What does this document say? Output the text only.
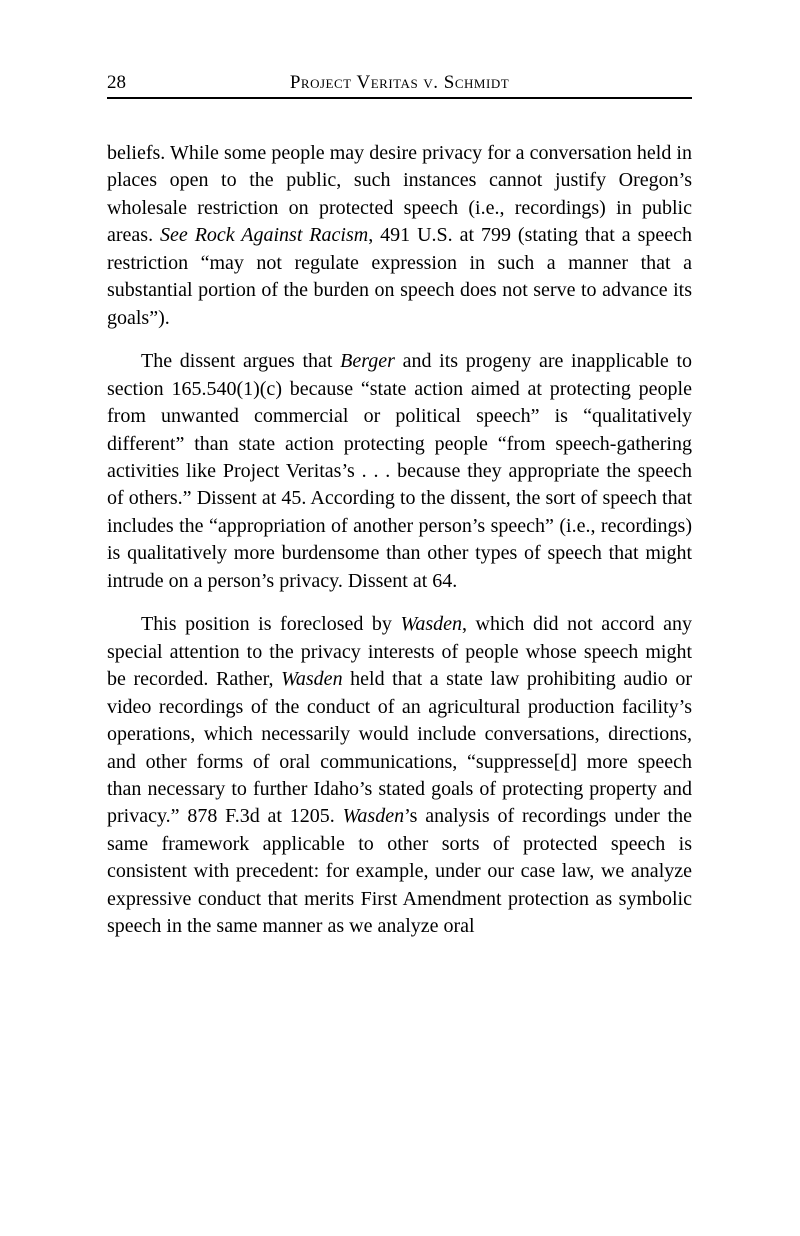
28	Project Veritas v. Schmidt

beliefs. While some people may desire privacy for a conversation held in places open to the public, such instances cannot justify Oregon’s wholesale restriction on protected speech (i.e., recordings) in public areas. See Rock Against Racism, 491 U.S. at 799 (stating that a speech restriction “may not regulate expression in such a manner that a substantial portion of the burden on speech does not serve to advance its goals”).

The dissent argues that Berger and its progeny are inapplicable to section 165.540(1)(c) because “state action aimed at protecting people from unwanted commercial or political speech” is “qualitatively different” than state action protecting people “from speech-gathering activities like Project Veritas’s . . . because they appropriate the speech of others.” Dissent at 45. According to the dissent, the sort of speech that includes the “appropriation of another person’s speech” (i.e., recordings) is qualitatively more burdensome than other types of speech that might intrude on a person’s privacy. Dissent at 64.

This position is foreclosed by Wasden, which did not accord any special attention to the privacy interests of people whose speech might be recorded. Rather, Wasden held that a state law prohibiting audio or video recordings of the conduct of an agricultural production facility’s operations, which necessarily would include conversations, directions, and other forms of oral communications, “suppresse[d] more speech than necessary to further Idaho’s stated goals of protecting property and privacy.” 878 F.3d at 1205. Wasden’s analysis of recordings under the same framework applicable to other sorts of protected speech is consistent with precedent: for example, under our case law, we analyze expressive conduct that merits First Amendment protection as symbolic speech in the same manner as we analyze oral
